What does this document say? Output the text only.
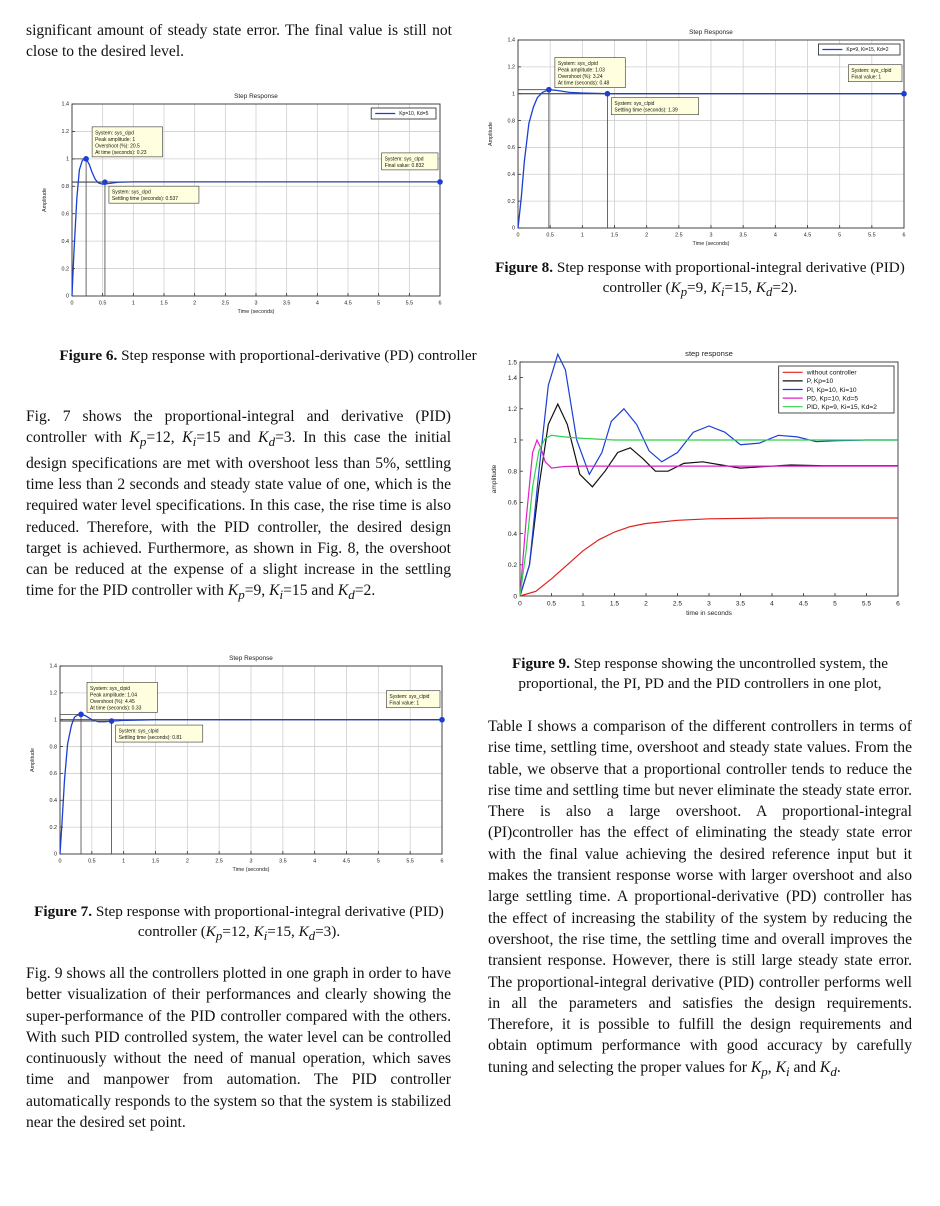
significant amount of steady state error. The final value is still not close to the desired level.

Step Response
0	0.5	1	1.5	2	2.5	3	3.5	4	4.5	5	5.5	6
0
0.2
0.4
0.6
0.8
1
1.2
1.4
Time (seconds)
Amplitude
System: sys_clpd
Peak amplitude: 1
Overshoot (%): 20.5
At time (seconds): 0.23
System: sys_clpd
Settling time (seconds): 0.537
System: sys_clpd
Final value: 0.832
Kp=10, Kd=5
Figure 6. Step response with proportional-derivative (PD) controller

Fig. 7 shows the proportional-integral and derivative (PID) controller with $K_p=12$, $K_i=15$ and $K_d=3$. In this case the initial design specifications are met with overshoot less than 5%, settling time less than 2 seconds and steady state value of one, which is the required water level specifications. In this case, the rise time is also reduced. Therefore, with the PID controller, the desired design target is achieved. Furthermore, as shown in Fig. 8, the overshoot can be reduced at the expense of a slight increase in the settling time for the PID controller with $K_p=9$, $K_i=15$ and $K_d=2$.

Step Response
0	0.5	1	1.5	2	2.5	3	3.5	4	4.5	5	5.5	6
0
0.2
0.4
0.6
0.8
1
1.2
1.4
Time (seconds)
Amplitude
System: sys_clpid
Peak amplitude: 1.04
Overshoot (%): 4.45
At time (seconds): 0.33
System: sys_clpid
Settling time (seconds): 0.81
System: sys_clpid
Final value: 1
Figure 7. Step response with proportional-integral derivative (PID) controller ($K_p=12$, $K_i=15$, $K_d=3$).

Fig. 9 shows all the controllers plotted in one graph in order to have better visualization of their performances and clearly showing the super-performance of the PID controller compared with the others. With such PID controlled system, the water level can be controlled continuously without the need of manual operation, which saves time and manpower from automation. The PID controller automatically responds to the system so that the system is stabilized near the desired set point.

Step Response
0	0.5	1	1.5	2	2.5	3	3.5	4	4.5	5	5.5	6
0
0.2
0.4
0.6
0.8
1
1.2
1.4
Time (seconds)
Amplitude
System: sys_clpid
Peak amplitude: 1.03
Overshoot (%): 3.24
At time (seconds): 0.48
System: sys_clpid
Settling time (seconds): 1.39
System: sys_clpid
Final value: 1
Kp=9, Ki=15, Kd=2
Figure 8. Step response with proportional-integral derivative (PID) controller ($K_p=9$, $K_i=15$, $K_d=2$).
step response
0	0.5	1	1.5	2	2.5	3	3.5	4	4.5	5	5.5	6
0
0.2
0.4
0.6
0.8
1
1.2
1.4
1.5
time in seconds
amplitude
without controller
P, Kp=10
PI, Kp=10, Ki=10
PD, Kp=10, Kd=5
PID, Kp=9, Ki=15, Kd=2
Figure 9. Step response showing the uncontrolled system, the proportional, the PI, PD and the PID controllers in one plot,

Table I shows a comparison of the different controllers in terms of rise time, settling time, overshoot and steady state values. From the table, we observe that a proportional controller tends to reduce the rise time and settling time but never eliminate the steady state error. There is also a large overshoot. A proportional-integral (PI)controller has the effect of eliminating the steady state error with the final value achieving the desired reference input but it makes the transient response worse with larger overshoot and also large settling time. A proportional-derivative (PD) controller has the effect of increasing the stability of the system by reducing the overshoot, the rise time, the settling time and overall improves the transient response. However, there is still large steady state error. The proportional-integral derivative (PID) controller performs well in all the parameters and satisfies the design requirements. Therefore, it is possible to fulfill the design requirements and obtain optimum performance with good accuracy by carefully tuning and selecting the proper values for $K_p$, $K_i$ and $K_d$.
